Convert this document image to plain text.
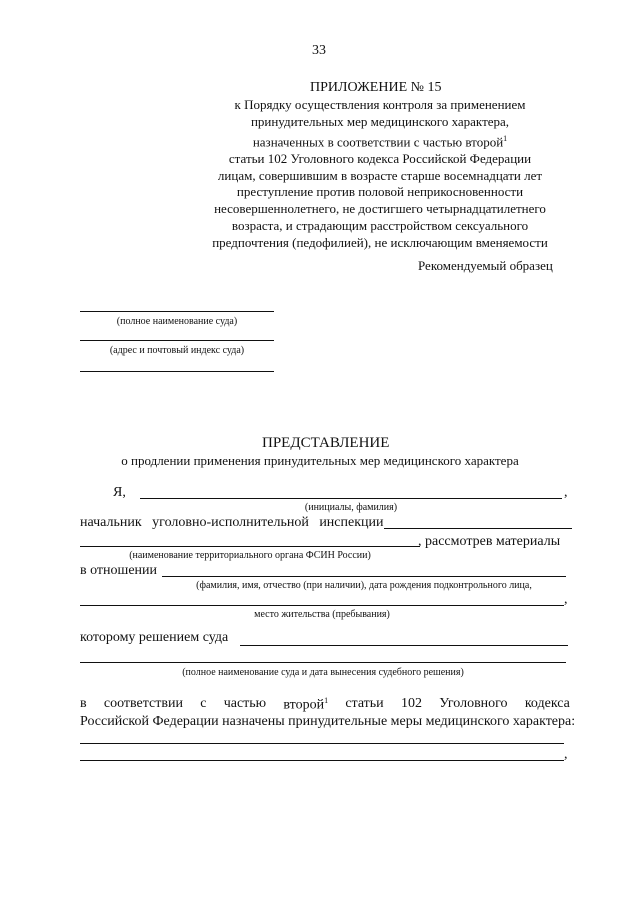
33
ПРИЛОЖЕНИЕ № 15
к Порядку осуществления контроля за применением
принудительных мер медицинского характера,
назначенных в соответствии с частью второй$^1$
статьи 102 Уголовного кодекса Российской Федерации
лицам, совершившим в возрасте старше восемнадцати лет
преступление против половой неприкосновенности
несовершеннолетнего, не достигшего четырнадцатилетнего
возраста, и страдающим расстройством сексуального
предпочтения (педофилией), не исключающим вменяемости
Рекомендуемый образец
(полное наименование суда)
(адрес и почтовый индекс суда)
ПРЕДСТАВЛЕНИЕ
о продлении применения принудительных мер медицинского характера
Я,	,
(инициалы, фамилия)
начальник   уголовно-исполнительной   инспекции
, рассмотрев материалы
(наименование территориального органа ФСИН России)
в отношении
(фамилия, имя, отчество (при наличии), дата рождения подконтрольного лица,
,
место жительства (пребывания)
которому решением суда
(полное наименование суда и дата вынесения судебного решения)
в соответствии с частью второй$^1$ статьи 102 Уголовного кодекса
Российской Федерации назначены принудительные меры медицинского характера:
,
